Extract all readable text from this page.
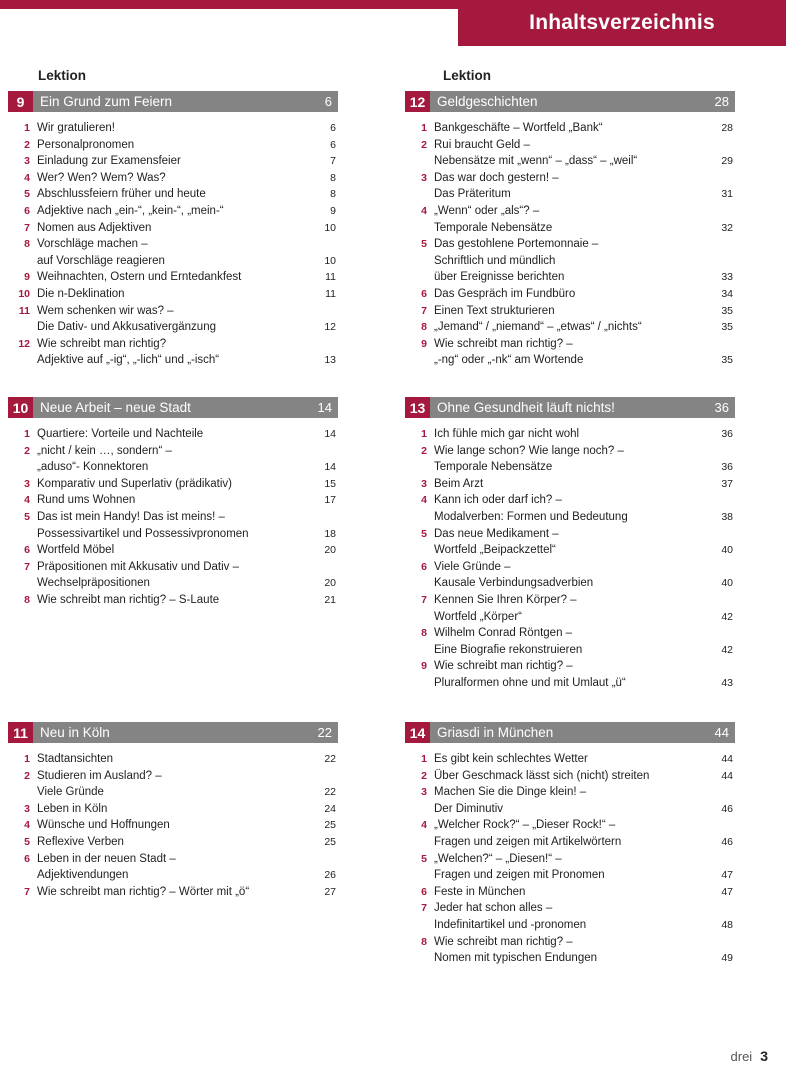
Inhaltsverzeichnis
Lektion	Lektion
9	Ein Grund zum Feiern	6
1 Wir gratulieren!	6
2 Personalpronomen	6
3 Einladung zur Examensfeier	7
4 Wer? Wen? Wem? Was?	8
5 Abschlussfeiern früher und heute	8
6 Adjektive nach „ein-“, „kein-“, „mein-“	9
7 Nomen aus Adjektiven	10
8 Vorschläge machen –
auf Vorschläge reagieren	10
9 Weihnachten, Ostern und Erntedankfest	11
10 Die n-Deklination	11
11 Wem schenken wir was? –
Die Dativ- und Akkusativergänzung	12
12 Wie schreibt man richtig?
Adjektive auf „-ig“, „-lich“ und „-isch“	13
10 Neue Arbeit – neue Stadt	14
1 Quartiere: Vorteile und Nachteile	14
2 „nicht / kein …, sondern“ –
„aduso“- Konnektoren	14
3 Komparativ und Superlativ (prädikativ)	15
4 Rund ums Wohnen	17
5 Das ist mein Handy! Das ist meins! –
Possessivartikel und Possessivpronomen	18
6 Wortfeld Möbel	20
7 Präpositionen mit Akkusativ und Dativ –
Wechselpräpositionen	20
8 Wie schreibt man richtig? – S-Laute	21
11 Neu in Köln	22
1 Stadtansichten	22
2 Studieren im Ausland? –
Viele Gründe	22
3 Leben in Köln	24
4 Wünsche und Hoffnungen	25
5 Reflexive Verben	25
6 Leben in der neuen Stadt –
Adjektivendungen	26
7 Wie schreibt man richtig? – Wörter mit „ö“	27
12 Geldgeschichten	28
1 Bankgeschäfte – Wortfeld „Bank“	28
2 Rui braucht Geld –
Nebensätze mit „wenn“ – „dass“ – „weil“	29
3 Das war doch gestern! –
Das Präteritum	31
4 „Wenn“ oder „als“? –
Temporale Nebensätze	32
5 Das gestohlene Portemonnaie –
Schriftlich und mündlich
über Ereignisse berichten	33
6 Das Gespräch im Fundbüro	34
7 Einen Text strukturieren	35
8 „Jemand“ / „niemand“ – „etwas“ / „nichts“	35
9 Wie schreibt man richtig? –
„-ng“ oder „-nk“ am Wortende	35
13 Ohne Gesundheit läuft nichts!	36
1 Ich fühle mich gar nicht wohl	36
2 Wie lange schon? Wie lange noch? –
Temporale Nebensätze	36
3 Beim Arzt	37
4 Kann ich oder darf ich? –
Modalverben: Formen und Bedeutung	38
5 Das neue Medikament –
Wortfeld „Beipackzettel“	40
6 Viele Gründe –
Kausale Verbindungsadverbien	40
7 Kennen Sie Ihren Körper? –
Wortfeld „Körper“	42
8 Wilhelm Conrad Röntgen –
Eine Biografie rekonstruieren	42
9 Wie schreibt man richtig? –
Pluralformen ohne und mit Umlaut „ü“	43
14 Griasdi in München	44
1 Es gibt kein schlechtes Wetter	44
2 Über Geschmack lässt sich (nicht) streiten	44
3 Machen Sie die Dinge klein! –
Der Diminutiv	46
4 „Welcher Rock?“ – „Dieser Rock!“ –
Fragen und zeigen mit Artikelwörtern	46
5 „Welchen?“ – „Diesen!“ –
Fragen und zeigen mit Pronomen	47
6 Feste in München	47
7 Jeder hat schon alles –
Indefinitartikel und -pronomen	48
8 Wie schreibt man richtig? –
Nomen mit typischen Endungen	49
drei 3
